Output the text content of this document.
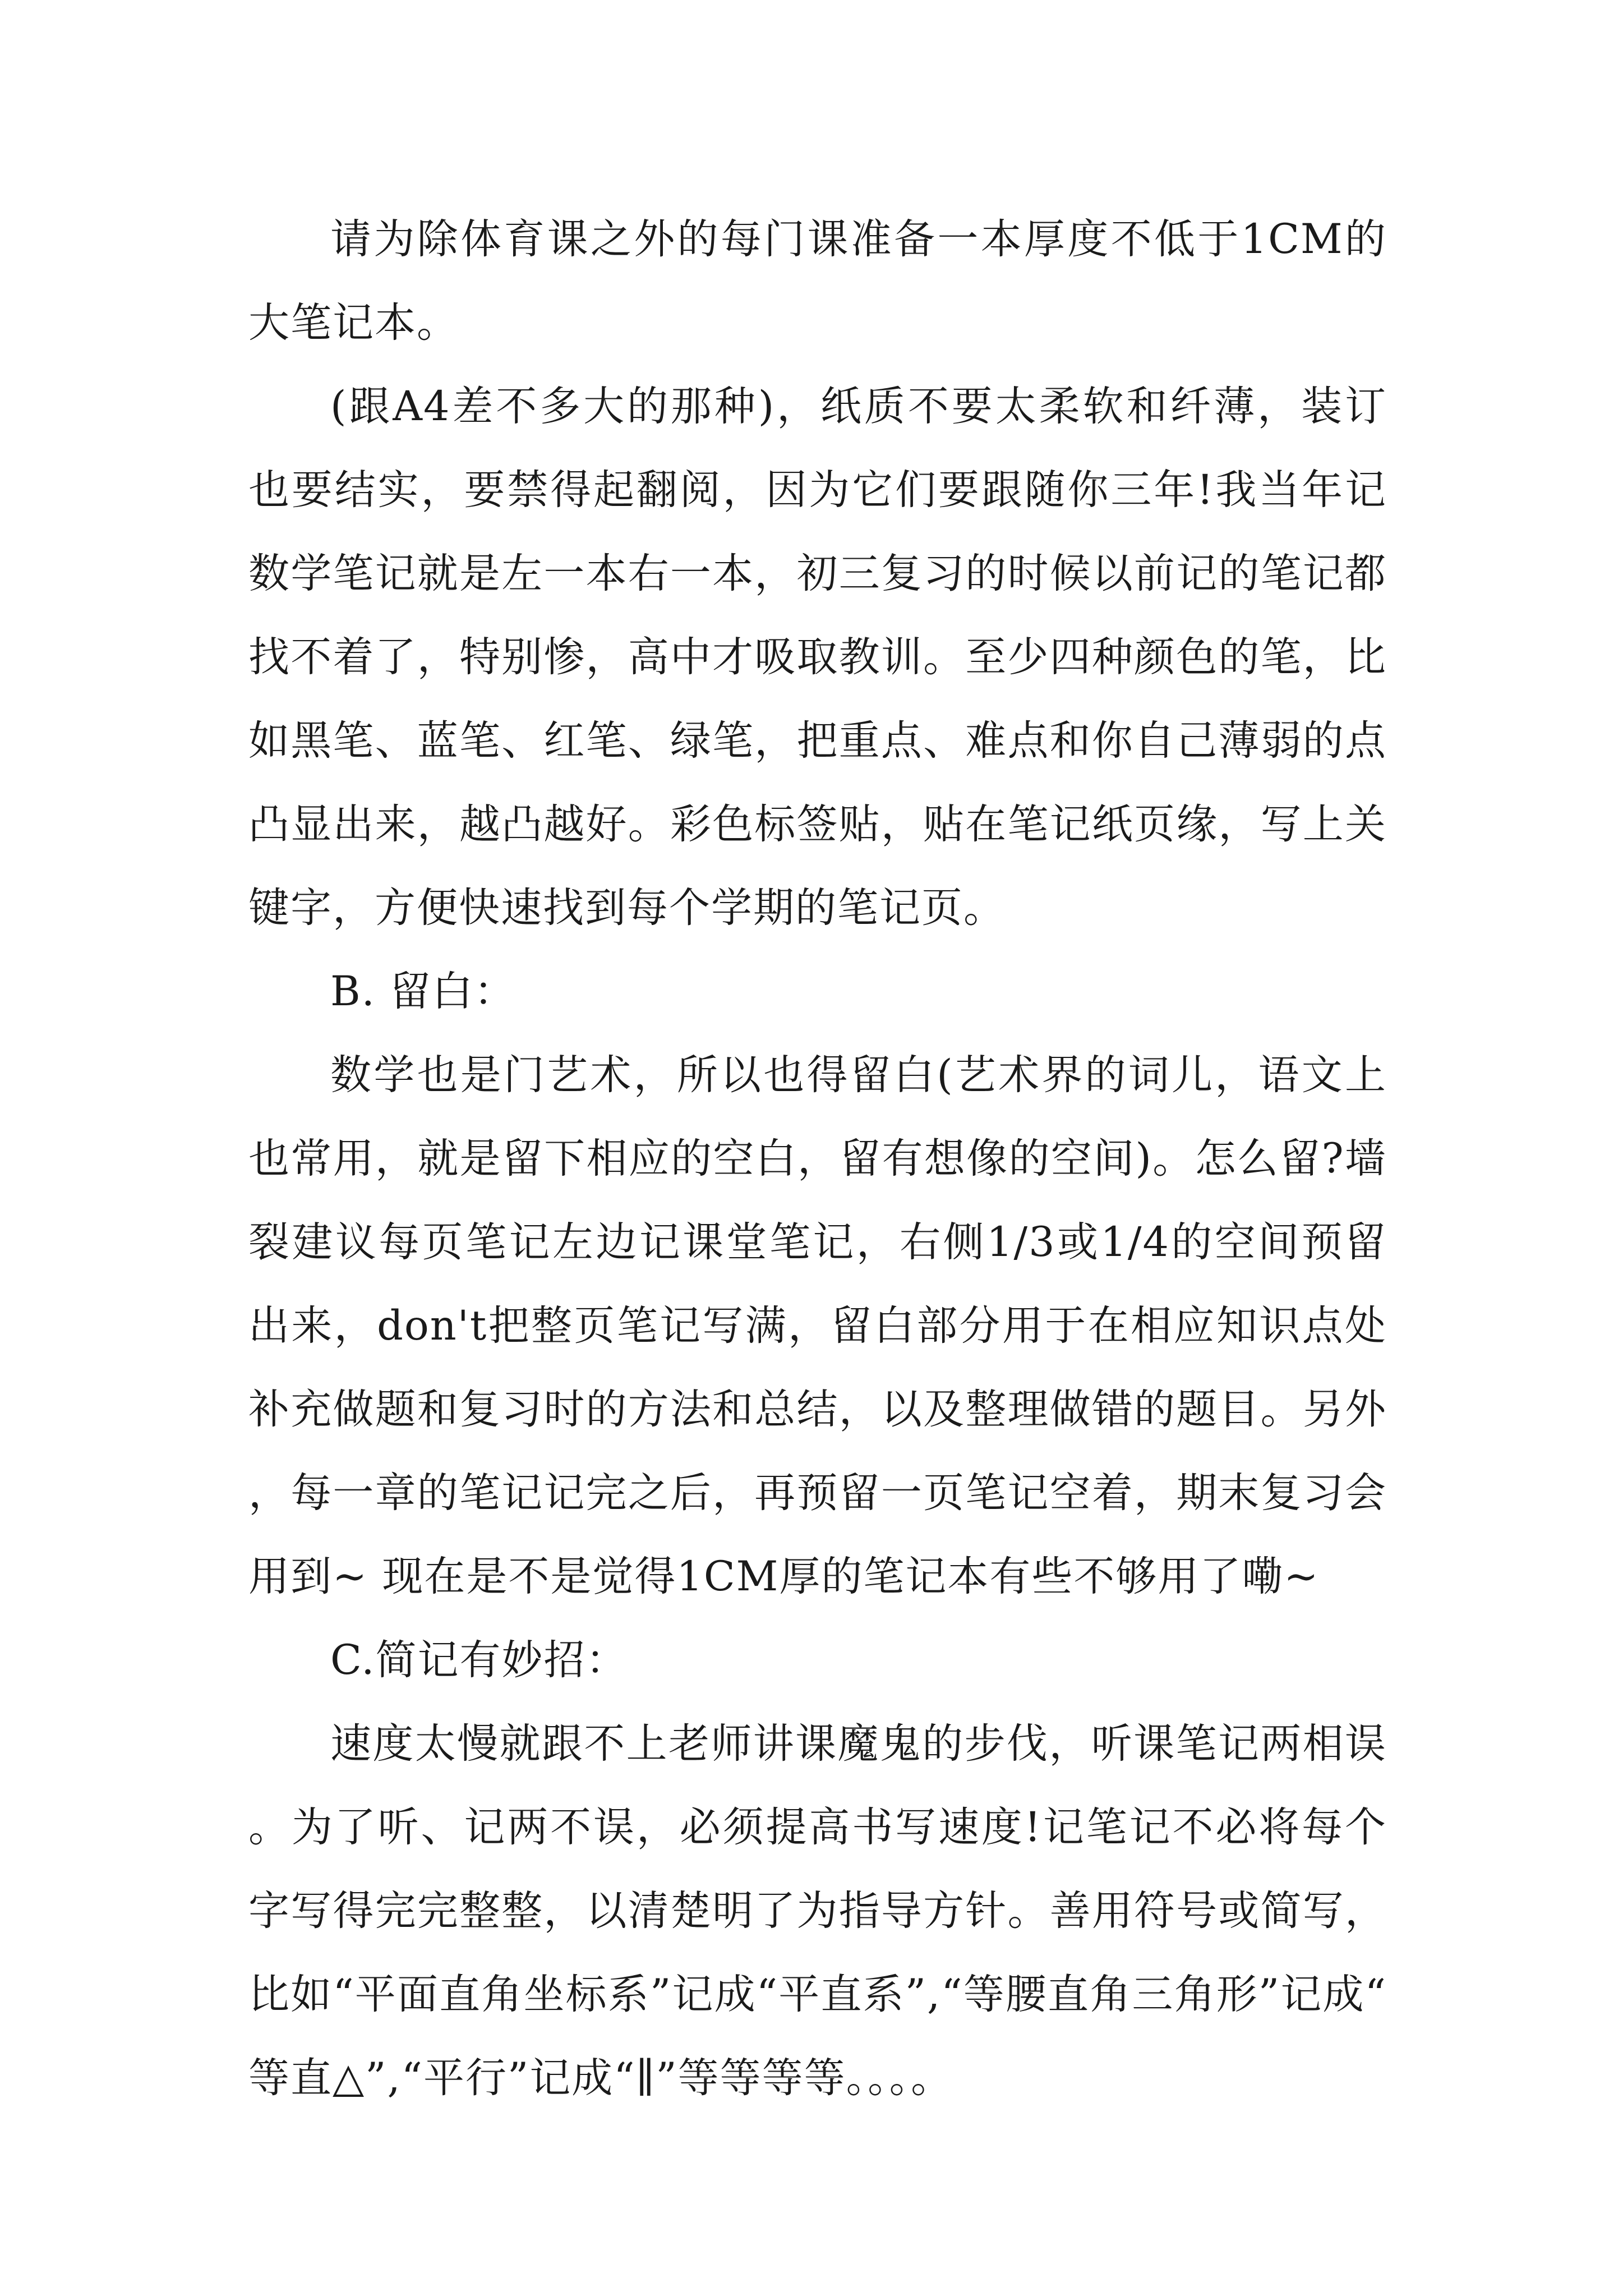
请为除体育课之外的每门课准备一本厚度不低于1CM的大笔记本。

(跟A4差不多大的那种)，纸质不要太柔软和纤薄，装订也要结实，要禁得起翻阅，因为它们要跟随你三年!我当年记数学笔记就是左一本右一本，初三复习的时候以前记的笔记都找不着了，特别惨，高中才吸取教训。至少四种颜色的笔，比如黑笔、蓝笔、红笔、绿笔，把重点、难点和你自己薄弱的点凸显出来，越凸越好。彩色标签贴，贴在笔记纸页缘，写上关键字，方便快速找到每个学期的笔记页。

B. 留白：

数学也是门艺术，所以也得留白(艺术界的词儿，语文上也常用，就是留下相应的空白，留有想像的空间)。怎么留?墙裂建议每页笔记左边记课堂笔记，右侧1/3或1/4的空间预留出来，don't把整页笔记写满，留白部分用于在相应知识点处补充做题和复习时的方法和总结，以及整理做错的题目。另外，每一章的笔记记完之后，再预留一页笔记空着，期末复习会用到~ 现在是不是觉得1CM厚的笔记本有些不够用了嘞~

C.简记有妙招：

速度太慢就跟不上老师讲课魔鬼的步伐，听课笔记两相误。为了听、记两不误，必须提高书写速度!记笔记不必将每个字写得完完整整，以清楚明了为指导方针。善用符号或简写，比如“平面直角坐标系”记成“平直系”,“等腰直角三角形”记成“等直△”,“平行”记成“∥”等等等等。。。。
